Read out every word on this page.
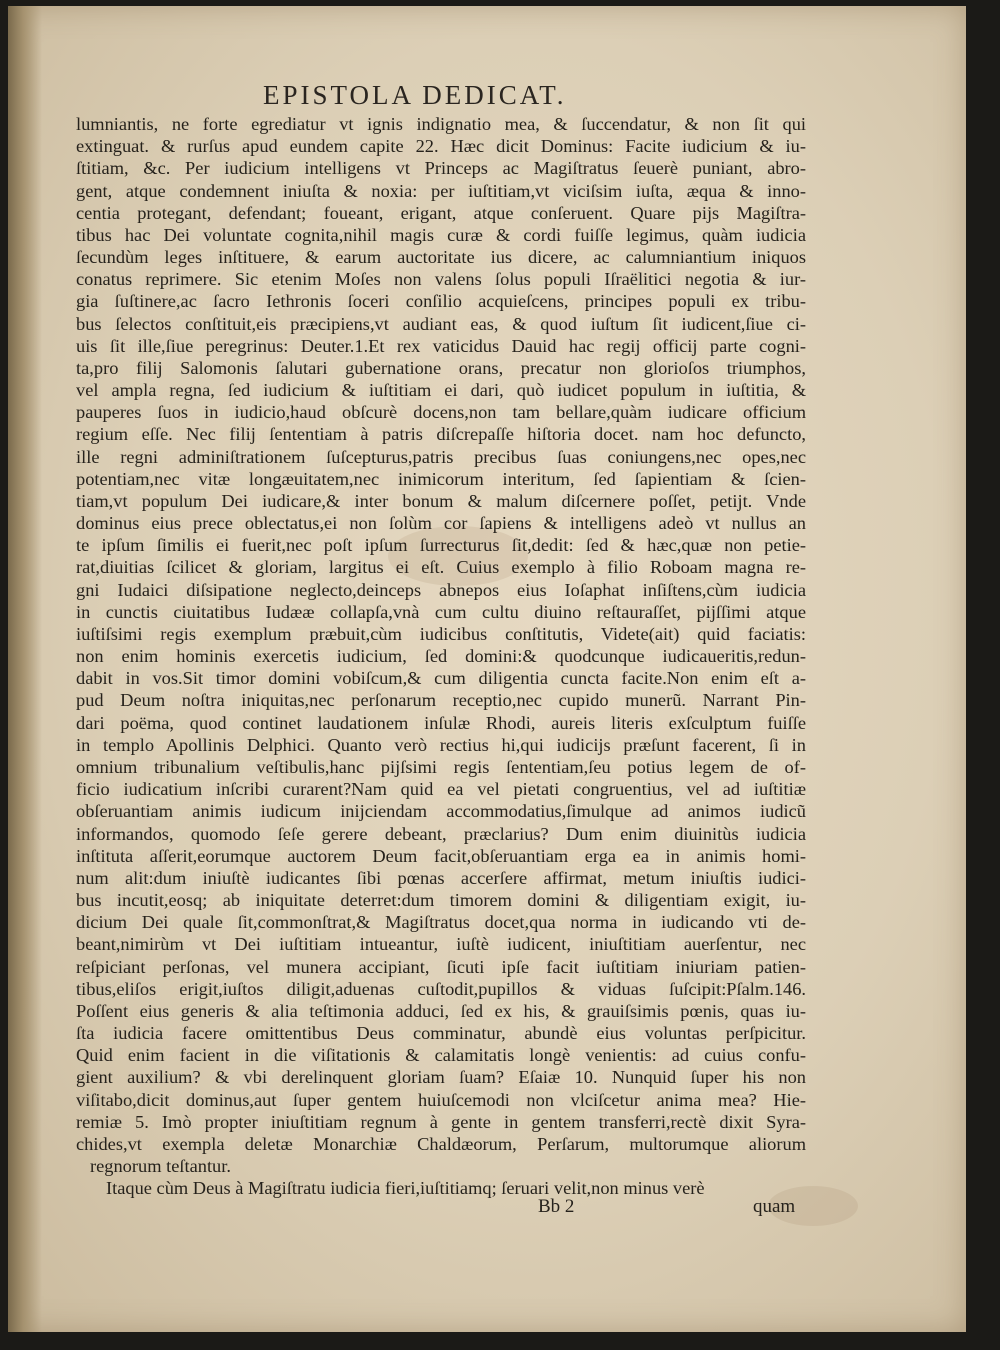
EPISTOLA DEDICAT.
lumniantis, ne forte egrediatur vt ignis indignatio mea, & ſuccendatur, & non ſit qui
extinguat. & rurſus apud eundem capite 22. Hæc dicit Dominus: Facite iudicium & iu-
ſtitiam, &c. Per iudicium intelligens vt Princeps ac Magiſtratus ſeuerè puniant, abro-
gent, atque condemnent iniuſta & noxia: per iuſtitiam,vt viciſsim iuſta, æqua & inno-
centia protegant, defendant; foueant, erigant, atque conſeruent. Quare pijs Magiſtra-
tibus hac Dei voluntate cognita,nihil magis curæ & cordi fuiſſe legimus, quàm iudicia
ſecundùm leges inſtituere, & earum auctoritate ius dicere, ac calumniantium iniquos
conatus reprimere. Sic etenim Moſes non valens ſolus populi Iſraëlitici negotia & iur-
gia ſuſtinere,ac ſacro Iethronis ſoceri conſilio acquieſcens, principes populi ex tribu-
bus ſelectos conſtituit,eis præcipiens,vt audiant eas, & quod iuſtum ſit iudicent,ſiue ci-
uis ſit ille,ſiue peregrinus: Deuter.1.Et rex vaticidus Dauid hac regij officij parte cogni-
ta,pro filij Salomonis ſalutari gubernatione orans, precatur non glorioſos triumphos,
vel ampla regna, ſed iudicium & iuſtitiam ei dari, quò iudicet populum in iuſtitia, &
pauperes ſuos in iudicio,haud obſcurè docens,non tam bellare,quàm iudicare officium
regium eſſe. Nec filij ſententiam à patris diſcrepaſſe hiſtoria docet. nam hoc defuncto,
ille regni adminiſtrationem ſuſcepturus,patris precibus ſuas coniungens,nec opes,nec
potentiam,nec vitæ longæuitatem,nec inimicorum interitum, ſed ſapientiam & ſcien-
tiam,vt populum Dei iudicare,& inter bonum & malum diſcernere poſſet, petijt. Vnde
dominus eius prece oblectatus,ei non ſolùm cor ſapiens & intelligens adeò vt nullus an
te ipſum ſimilis ei fuerit,nec poſt ipſum ſurrecturus ſit,dedit: ſed & hæc,quæ non petie-
rat,diuitias ſcilicet & gloriam, largitus ei eſt. Cuius exemplo à filio Roboam magna re-
gni Iudaici diſsipatione neglecto,deinceps abnepos eius Ioſaphat inſiſtens,cùm iudicia
in cunctis ciuitatibus Iudææ collapſa,vnà cum cultu diuino reſtauraſſet, pijſſimi atque
iuſtiſsimi regis exemplum præbuit,cùm iudicibus conſtitutis, Videte(ait) quid faciatis:
non enim hominis exercetis iudicium, ſed domini:& quodcunque iudicaueritis,redun-
dabit in vos.Sit timor domini vobiſcum,& cum diligentia cuncta facite.Non enim eſt a-
pud Deum noſtra iniquitas,nec perſonarum receptio,nec cupido munerũ. Narrant Pin-
dari poëma, quod continet laudationem inſulæ Rhodi, aureis literis exſculptum fuiſſe
in templo Apollinis Delphici. Quanto verò rectius hi,qui iudicijs præſunt facerent, ſi in
omnium tribunalium veſtibulis,hanc pijſsimi regis ſententiam,ſeu potius legem de of-
ficio iudicatium inſcribi curarent?Nam quid ea vel pietati congruentius, vel ad iuſtitiæ
obſeruantiam animis iudicum inijciendam accommodatius,ſimulque ad animos iudicũ
informandos, quomodo ſeſe gerere debeant, præclarius? Dum enim diuinitùs iudicia
inſtituta aſſerit,eorumque auctorem Deum facit,obſeruantiam erga ea in animis homi-
num alit:dum iniuſtè iudicantes ſibi pœnas accerſere affirmat, metum iniuſtis iudici-
bus incutit,eosq; ab iniquitate deterret:dum timorem domini & diligentiam exigit, iu-
dicium Dei quale ſit,commonſtrat,& Magiſtratus docet,qua norma in iudicando vti de-
beant,nimirùm vt Dei iuſtitiam intueantur, iuſtè iudicent, iniuſtitiam auerſentur, nec
reſpiciant perſonas, vel munera accipiant, ſicuti ipſe facit iuſtitiam iniuriam patien-
tibus,eliſos erigit,iuſtos diligit,aduenas cuſtodit,pupillos & viduas ſuſcipit:Pſalm.146.
Poſſent eius generis & alia teſtimonia adduci, ſed ex his, & grauiſsimis pœnis, quas iu-
ſta iudicia facere omittentibus Deus comminatur, abundè eius voluntas perſpicitur.
Quid enim facient in die viſitationis & calamitatis longè venientis: ad cuius confu-
gient auxilium? & vbi derelinquent gloriam ſuam? Eſaiæ 10. Nunquid ſuper his non
viſitabo,dicit dominus,aut ſuper gentem huiuſcemodi non vlciſcetur anima mea? Hie-
remiæ 5. Imò propter iniuſtitiam regnum à gente in gentem transferri,rectè dixit Syra-
chides,vt exempla deletæ Monarchiæ Chaldæorum, Perſarum, multorumque aliorum
regnorum teſtantur.
Itaque cùm Deus à Magiſtratu iudicia fieri,iuſtitiamq; ſeruari velit,non minus verè
Bb 2	quam
